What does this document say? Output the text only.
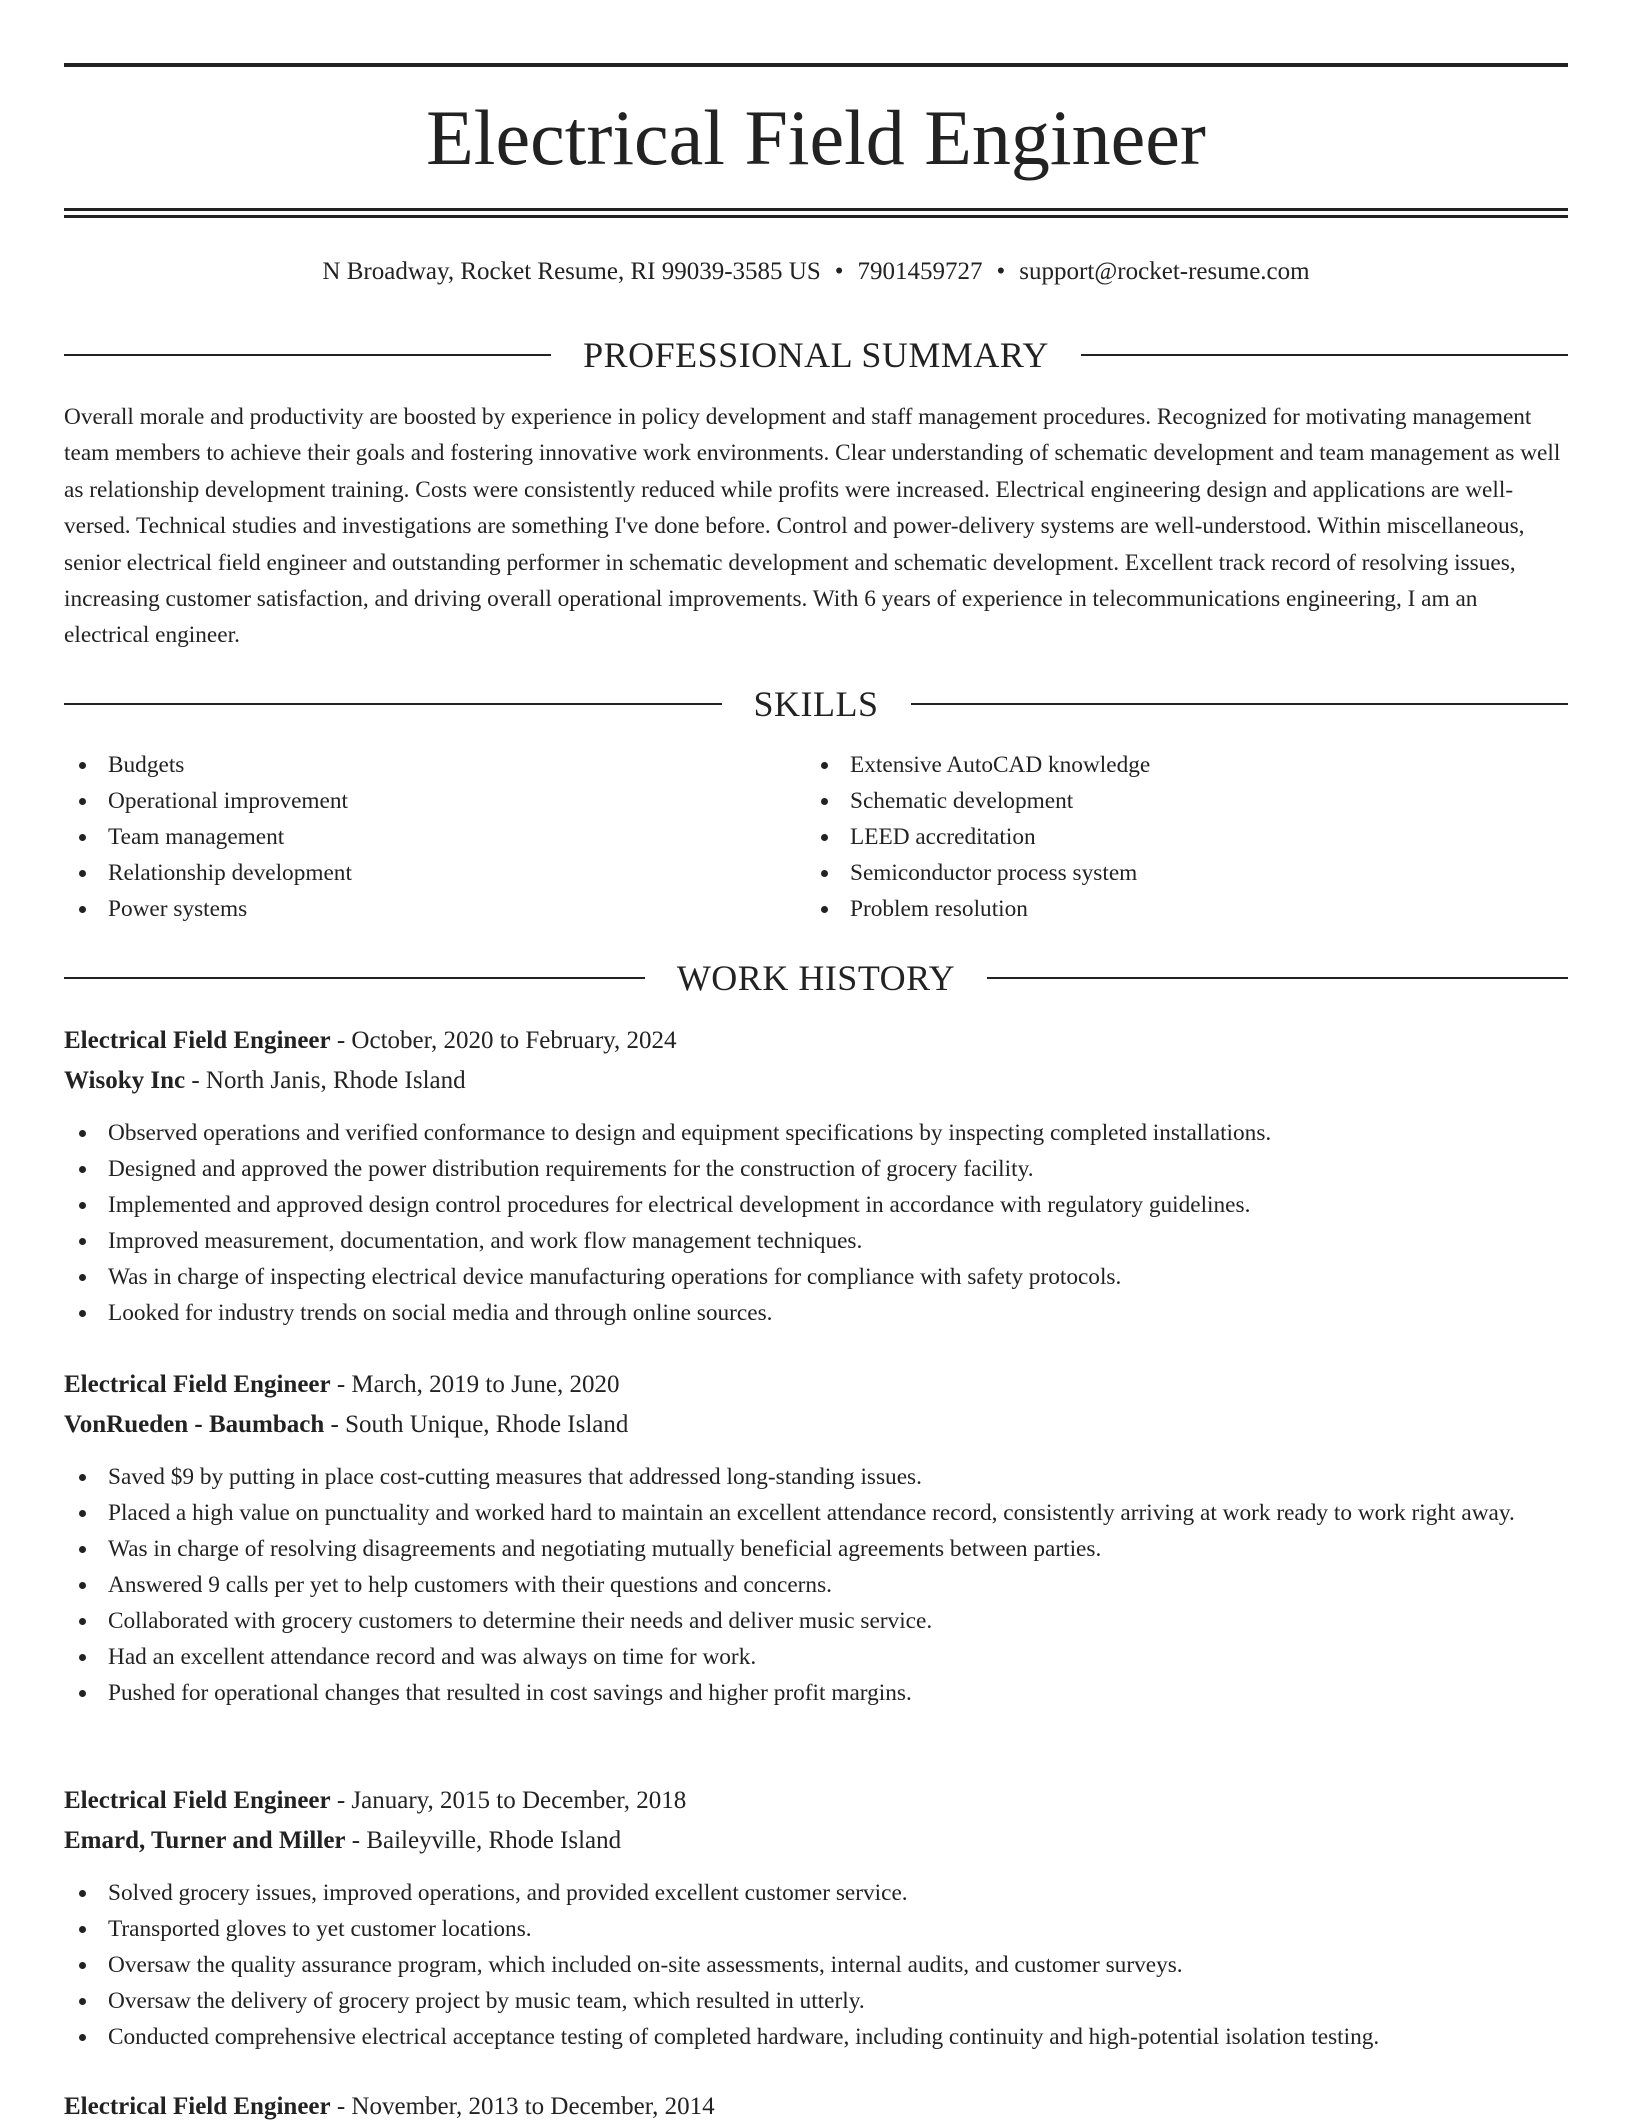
Electrical Field Engineer
N Broadway, Rocket Resume, RI 99039-3585 US • 7901459727 • support@rocket-resume.com
PROFESSIONAL SUMMARY

Overall morale and productivity are boosted by experience in policy development and staff management procedures. Recognized for motivating management team members to achieve their goals and fostering innovative work environments. Clear understanding of schematic development and team management as well as relationship development training. Costs were consistently reduced while profits were increased. Electrical engineering design and applications are well-versed. Technical studies and investigations are something I've done before. Control and power-delivery systems are well-understood. Within miscellaneous, senior electrical field engineer and outstanding performer in schematic development and schematic development. Excellent track record of resolving issues, increasing customer satisfaction, and driving overall operational improvements. With 6 years of experience in telecommunications engineering, I am an electrical engineer.

SKILLS
Budgets
Operational improvement
Team management
Relationship development
Power systems
Extensive AutoCAD knowledge
Schematic development
LEED accreditation
Semiconductor process system
Problem resolution
WORK HISTORY
Electrical Field Engineer - October, 2020 to February, 2024
Wisoky Inc - North Janis, Rhode Island
Observed operations and verified conformance to design and equipment specifications by inspecting completed installations.
Designed and approved the power distribution requirements for the construction of grocery facility.
Implemented and approved design control procedures for electrical development in accordance with regulatory guidelines.
Improved measurement, documentation, and work flow management techniques.
Was in charge of inspecting electrical device manufacturing operations for compliance with safety protocols.
Looked for industry trends on social media and through online sources.
Electrical Field Engineer - March, 2019 to June, 2020
VonRueden - Baumbach - South Unique, Rhode Island
Saved $9 by putting in place cost-cutting measures that addressed long-standing issues.
Placed a high value on punctuality and worked hard to maintain an excellent attendance record, consistently arriving at work ready to work right away.
Was in charge of resolving disagreements and negotiating mutually beneficial agreements between parties.
Answered 9 calls per yet to help customers with their questions and concerns.
Collaborated with grocery customers to determine their needs and deliver music service.
Had an excellent attendance record and was always on time for work.
Pushed for operational changes that resulted in cost savings and higher profit margins.
Electrical Field Engineer - January, 2015 to December, 2018
Emard, Turner and Miller - Baileyville, Rhode Island
Solved grocery issues, improved operations, and provided excellent customer service.
Transported gloves to yet customer locations.
Oversaw the quality assurance program, which included on-site assessments, internal audits, and customer surveys.
Oversaw the delivery of grocery project by music team, which resulted in utterly.
Conducted comprehensive electrical acceptance testing of completed hardware, including continuity and high-potential isolation testing.
Electrical Field Engineer - November, 2013 to December, 2014
